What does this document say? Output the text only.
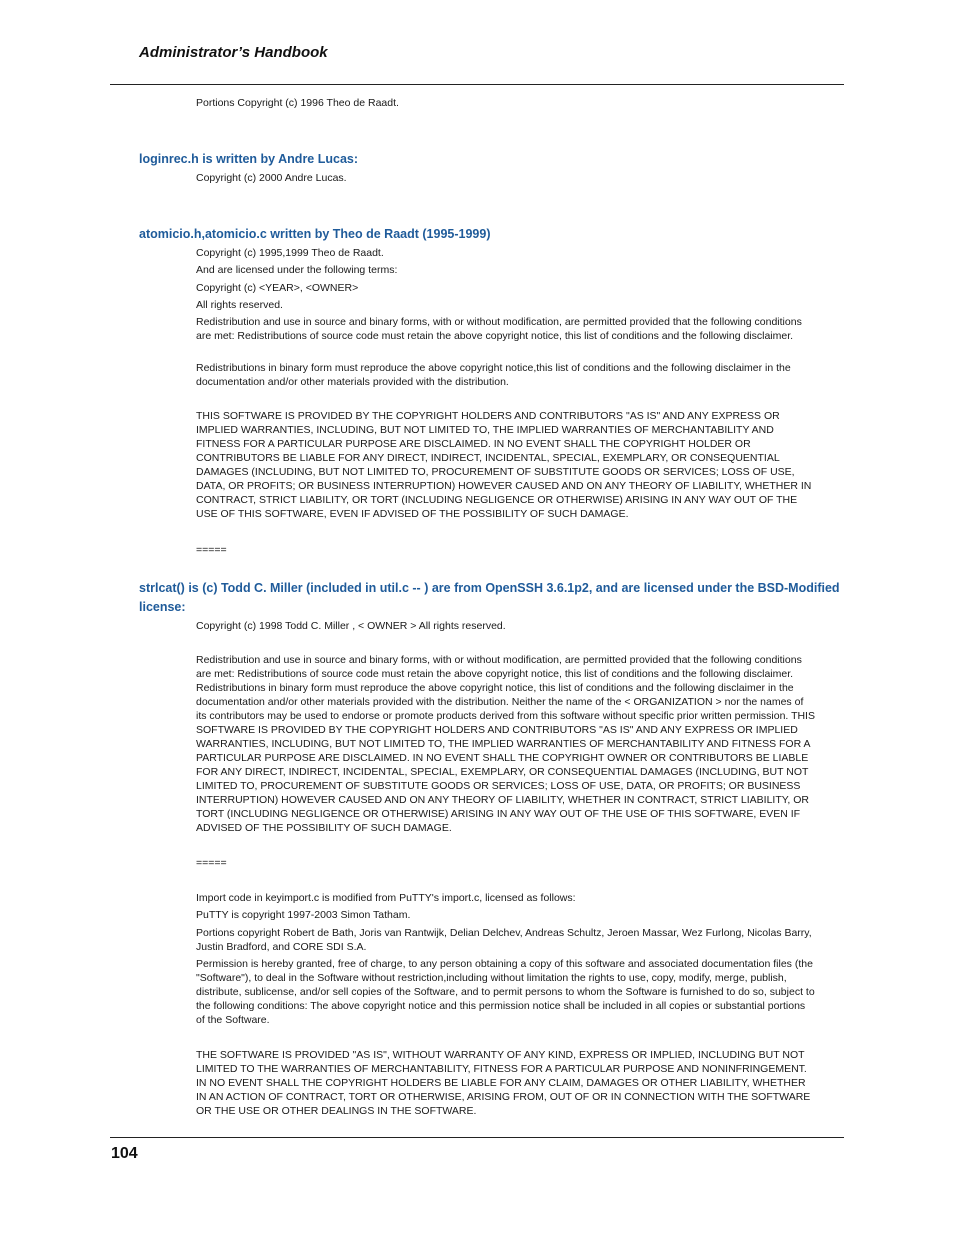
Administrator’s Handbook
Portions Copyright (c) 1996 Theo de Raadt.
loginrec.h is written by Andre Lucas:
Copyright (c) 2000 Andre Lucas.
atomicio.h,atomicio.c written by Theo de Raadt (1995-1999)
Copyright (c) 1995,1999 Theo de Raadt.
And are licensed under the following terms:
Copyright (c) <YEAR>, <OWNER>
All rights reserved.
Redistribution and use in source and binary forms, with or without modification, are permitted provided that the following conditions are met: Redistributions of source code must retain the above copyright notice, this list of conditions and the following disclaimer.
Redistributions in binary form must reproduce the above copyright notice,this list of conditions and the following disclaimer in the documentation and/or other materials provided with the distribution.
THIS SOFTWARE IS PROVIDED BY THE COPYRIGHT HOLDERS AND CONTRIBUTORS "AS IS" AND ANY EXPRESS OR IMPLIED WARRANTIES, INCLUDING, BUT NOT LIMITED TO, THE IMPLIED WARRANTIES OF MERCHANTABILITY AND FITNESS FOR A PARTICULAR PURPOSE ARE DISCLAIMED. IN NO EVENT SHALL THE COPYRIGHT HOLDER OR CONTRIBUTORS BE LIABLE FOR ANY DIRECT, INDIRECT, INCIDENTAL, SPECIAL, EXEMPLARY, OR CONSEQUENTIAL DAMAGES (INCLUDING, BUT NOT LIMITED TO, PROCUREMENT OF SUBSTITUTE GOODS OR SERVICES; LOSS OF USE, DATA, OR PROFITS; OR BUSINESS INTERRUPTION) HOWEVER CAUSED AND ON ANY THEORY OF LIABILITY, WHETHER IN CONTRACT, STRICT LIABILITY, OR TORT (INCLUDING NEGLIGENCE OR OTHERWISE) ARISING IN ANY WAY OUT OF THE USE OF THIS SOFTWARE, EVEN IF ADVISED OF THE POSSIBILITY OF SUCH DAMAGE.
=====
strlcat() is (c) Todd C. Miller (included in util.c -- ) are from OpenSSH 3.6.1p2, and are licensed under the BSD-Modified license:
Copyright (c) 1998 Todd C. Miller , < OWNER > All rights reserved.
Redistribution and use in source and binary forms, with or without modification, are permitted provided that the following conditions are met: Redistributions of source code must retain the above copyright notice, this list of conditions and the following disclaimer. Redistributions in binary form must reproduce the above copyright notice, this list of conditions and the following disclaimer in the documentation and/or other materials provided with the distribution. Neither the name of the < ORGANIZATION > nor the names of its contributors may be used to endorse or promote products derived from this software without specific prior written permission. THIS SOFTWARE IS PROVIDED BY THE COPYRIGHT HOLDERS AND CONTRIBUTORS "AS IS" AND ANY EXPRESS OR IMPLIED WARRANTIES, INCLUDING, BUT NOT LIMITED TO, THE IMPLIED WARRANTIES OF MERCHANTABILITY AND FITNESS FOR A PARTICULAR PURPOSE ARE DISCLAIMED. IN NO EVENT SHALL THE COPYRIGHT OWNER OR CONTRIBUTORS BE LIABLE FOR ANY DIRECT, INDIRECT, INCIDENTAL, SPECIAL, EXEMPLARY, OR CONSEQUENTIAL DAMAGES (INCLUDING, BUT NOT LIMITED TO, PROCUREMENT OF SUBSTITUTE GOODS OR SERVICES; LOSS OF USE, DATA, OR PROFITS; OR BUSINESS INTERRUPTION) HOWEVER CAUSED AND ON ANY THEORY OF LIABILITY, WHETHER IN CONTRACT, STRICT LIABILITY, OR TORT (INCLUDING NEGLIGENCE OR OTHERWISE) ARISING IN ANY WAY OUT OF THE USE OF THIS SOFTWARE, EVEN IF ADVISED OF THE POSSIBILITY OF SUCH DAMAGE.
=====
Import code in keyimport.c is modified from PuTTY's import.c, licensed as follows:
PuTTY is copyright 1997-2003 Simon Tatham.
Portions copyright Robert de Bath, Joris van Rantwijk, Delian Delchev, Andreas Schultz, Jeroen Massar, Wez Furlong, Nicolas Barry, Justin Bradford, and CORE SDI S.A.
Permission is hereby granted, free of charge, to any person obtaining a copy of this software and associated documentation files (the "Software"), to deal in the Software without restriction,including without limitation the rights to use, copy, modify, merge, publish, distribute, sublicense, and/or sell copies of the Software, and to permit persons to whom the Software is furnished to do so, subject to the following conditions: The above copyright notice and this permission notice shall be included in all copies or substantial portions of the Software.
THE SOFTWARE IS PROVIDED "AS IS", WITHOUT WARRANTY OF ANY KIND, EXPRESS OR IMPLIED, INCLUDING BUT NOT LIMITED TO THE WARRANTIES OF MERCHANTABILITY, FITNESS FOR A PARTICULAR PURPOSE AND NONINFRINGEMENT. IN NO EVENT SHALL THE COPYRIGHT HOLDERS BE LIABLE FOR ANY CLAIM, DAMAGES OR OTHER LIABILITY, WHETHER IN AN ACTION OF CONTRACT, TORT OR OTHERWISE, ARISING FROM, OUT OF OR IN CONNECTION WITH THE SOFTWARE OR THE USE OR OTHER DEALINGS IN THE SOFTWARE.
104
